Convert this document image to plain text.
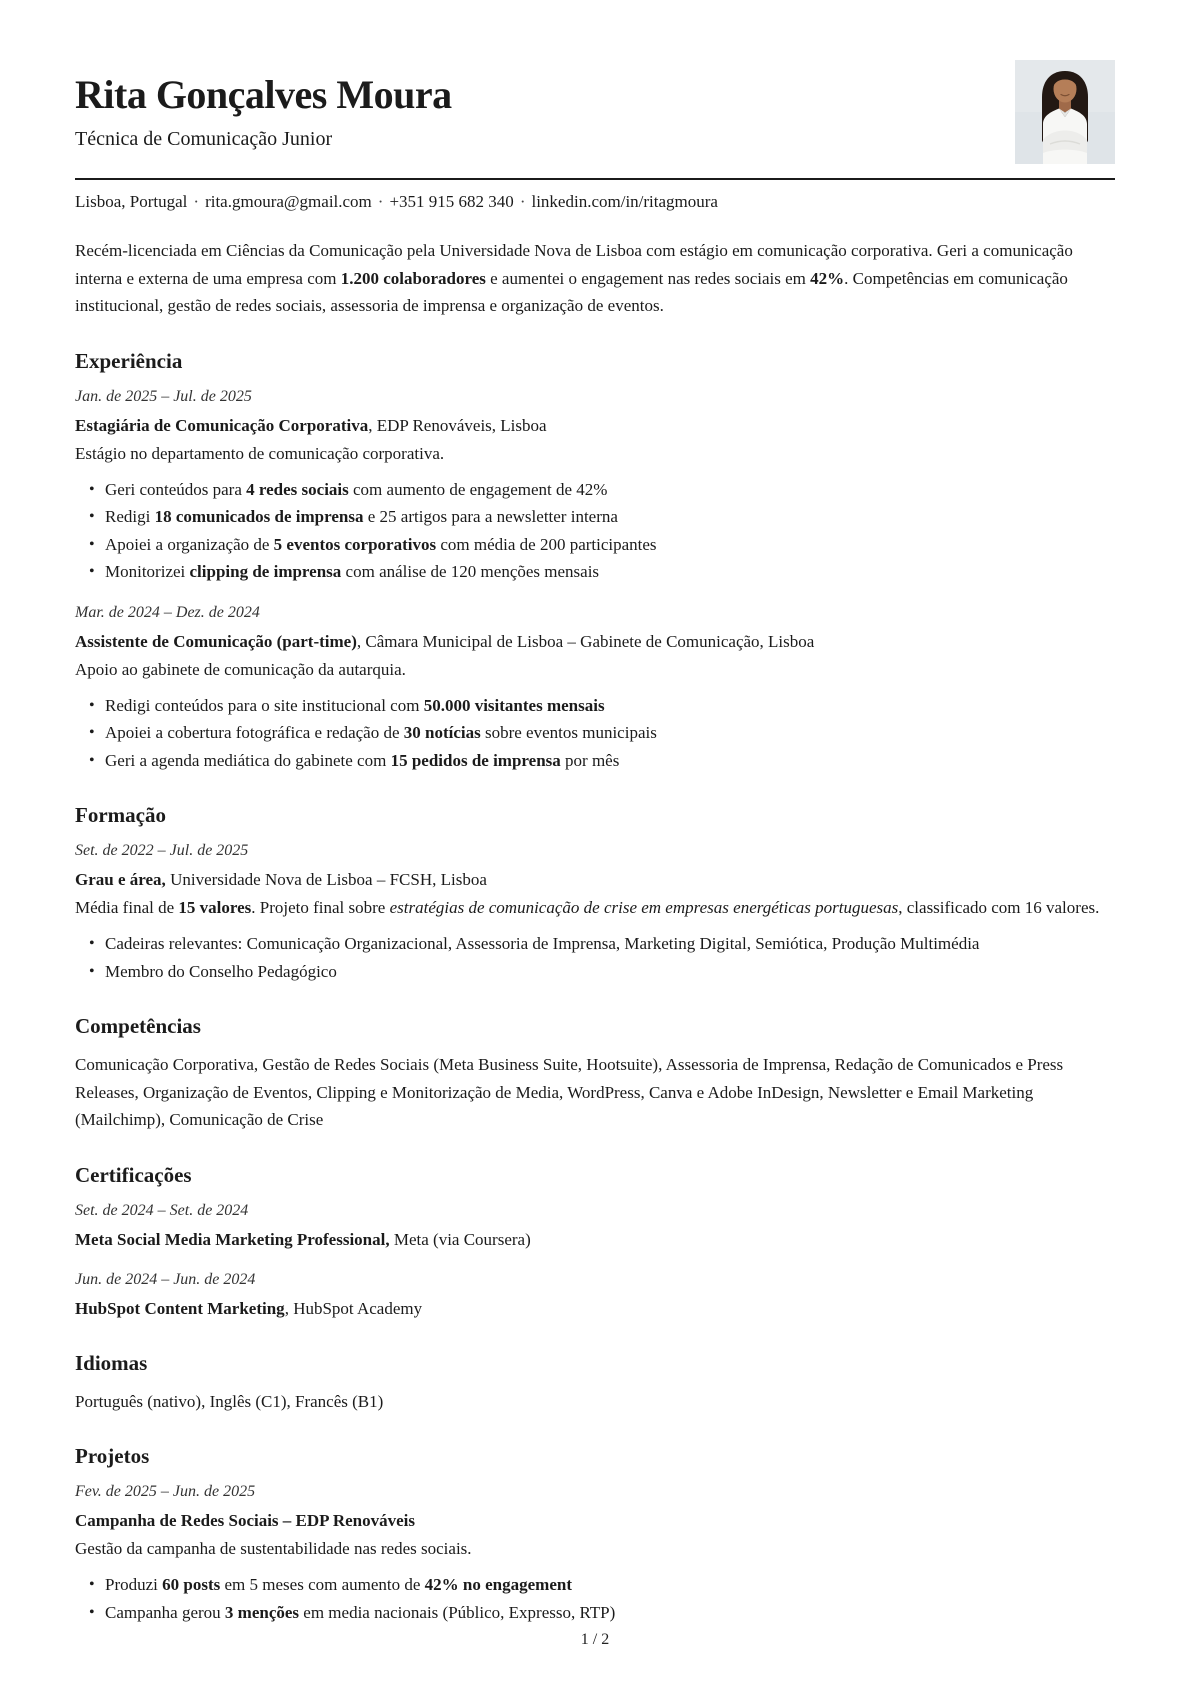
Rita Gonçalves Moura
Técnica de Comunicação Junior
Lisboa, Portugal · rita.gmoura@gmail.com · +351 915 682 340 · linkedin.com/in/ritagmoura

Recém-licenciada em Ciências da Comunicação pela Universidade Nova de Lisboa com estágio em comunicação corporativa. Geri a comunicação interna e externa de uma empresa com 1.200 colaboradores e aumentei o engagement nas redes sociais em 42%. Competências em comunicação institucional, gestão de redes sociais, assessoria de imprensa e organização de eventos.

Experiência
Jan. de 2025 – Jul. de 2025
Estagiária de Comunicação Corporativa, EDP Renováveis, Lisboa

Estágio no departamento de comunicação corporativa.

• Geri conteúdos para 4 redes sociais com aumento de engagement de 42%
• Redigi 18 comunicados de imprensa e 25 artigos para a newsletter interna
• Apoiei a organização de 5 eventos corporativos com média de 200 participantes
• Monitorizei clipping de imprensa com análise de 120 menções mensais
Mar. de 2024 – Dez. de 2024
Assistente de Comunicação (part-time), Câmara Municipal de Lisboa – Gabinete de Comunicação, Lisboa

Apoio ao gabinete de comunicação da autarquia.

• Redigi conteúdos para o site institucional com 50.000 visitantes mensais
• Apoiei a cobertura fotográfica e redação de 30 notícias sobre eventos municipais
• Geri a agenda mediática do gabinete com 15 pedidos de imprensa por mês
Formação
Set. de 2022 – Jul. de 2025
Grau e área, Universidade Nova de Lisboa – FCSH, Lisboa

Média final de 15 valores. Projeto final sobre estratégias de comunicação de crise em empresas energéticas portuguesas, classificado com 16 valores.

• Cadeiras relevantes: Comunicação Organizacional, Assessoria de Imprensa, Marketing Digital, Semiótica, Produção Multimédia
• Membro do Conselho Pedagógico
Competências

Comunicação Corporativa, Gestão de Redes Sociais (Meta Business Suite, Hootsuite), Assessoria de Imprensa, Redação de Comunicados e Press Releases, Organização de Eventos, Clipping e Monitorização de Media, WordPress, Canva e Adobe InDesign, Newsletter e Email Marketing (Mailchimp), Comunicação de Crise

Certificações
Set. de 2024 – Set. de 2024
Meta Social Media Marketing Professional, Meta (via Coursera)
Jun. de 2024 – Jun. de 2024
HubSpot Content Marketing, HubSpot Academy
Idiomas

Português (nativo), Inglês (C1), Francês (B1)

Projetos
Fev. de 2025 – Jun. de 2025
Campanha de Redes Sociais – EDP Renováveis

Gestão da campanha de sustentabilidade nas redes sociais.

• Produzi 60 posts em 5 meses com aumento de 42% no engagement
• Campanha gerou 3 menções em media nacionais (Público, Expresso, RTP)
1 / 2
